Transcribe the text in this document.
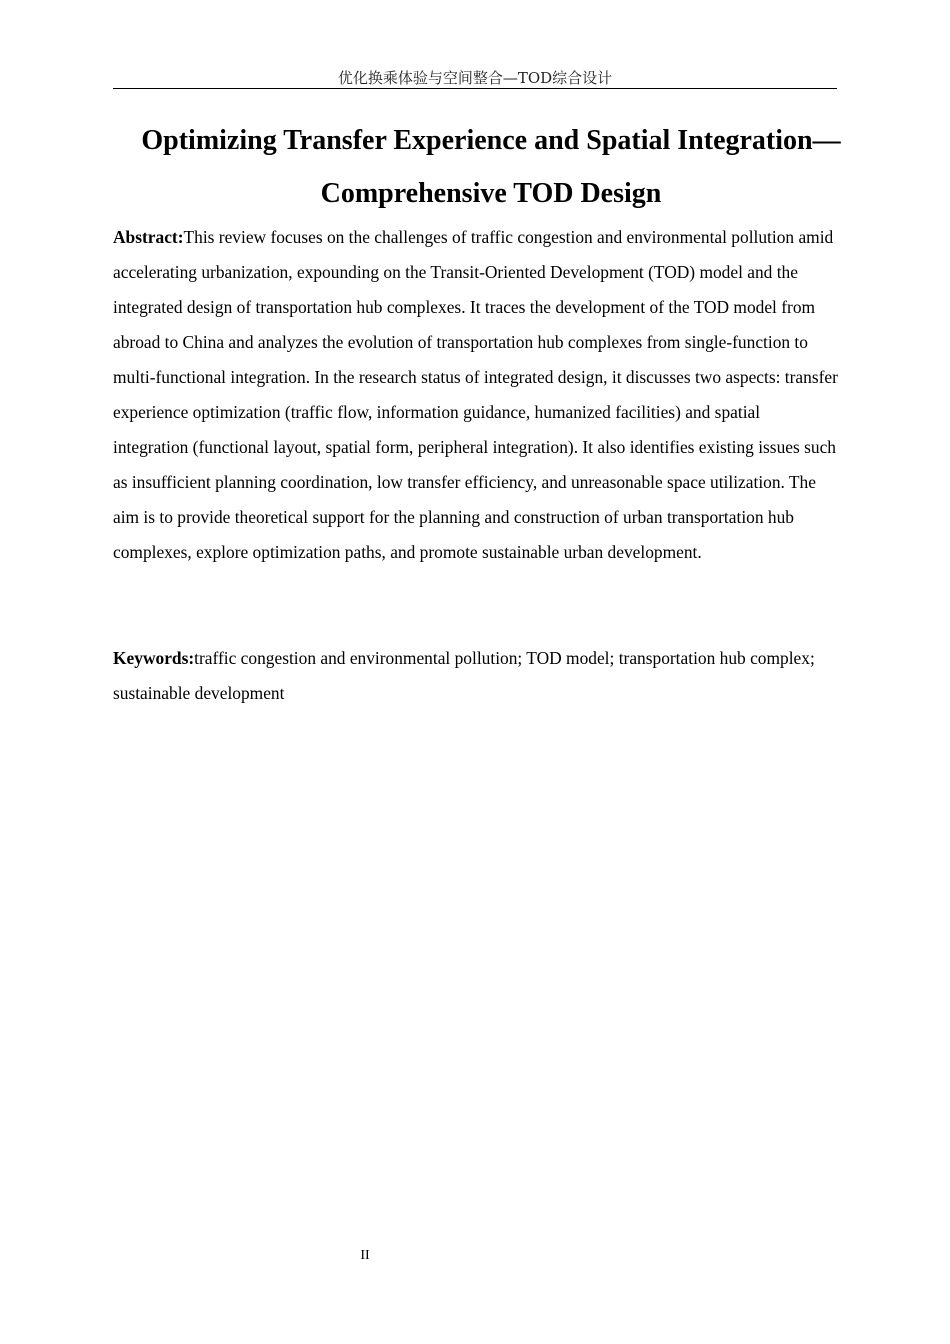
优化换乘体验与空间整合—TOD综合设计
Optimizing Transfer Experience and Spatial Integration—Comprehensive TOD Design

Abstract:This review focuses on the challenges of traffic congestion and environmental pollution amid accelerating urbanization, expounding on the Transit-Oriented Development (TOD) model and the integrated design of transportation hub complexes. It traces the development of the TOD model from abroad to China and analyzes the evolution of transportation hub complexes from single-function to multi-functional integration. In the research status of integrated design, it discusses two aspects: transfer experience optimization (traffic flow, information guidance, humanized facilities) and spatial integration (functional layout, spatial form, peripheral integration). It also identifies existing issues such as insufficient planning coordination, low transfer efficiency, and unreasonable space utilization. The aim is to provide theoretical support for the planning and construction of urban transportation hub complexes, explore optimization paths, and promote sustainable urban development.

Keywords:traffic congestion and environmental pollution; TOD model; transportation hub complex; sustainable development

II
